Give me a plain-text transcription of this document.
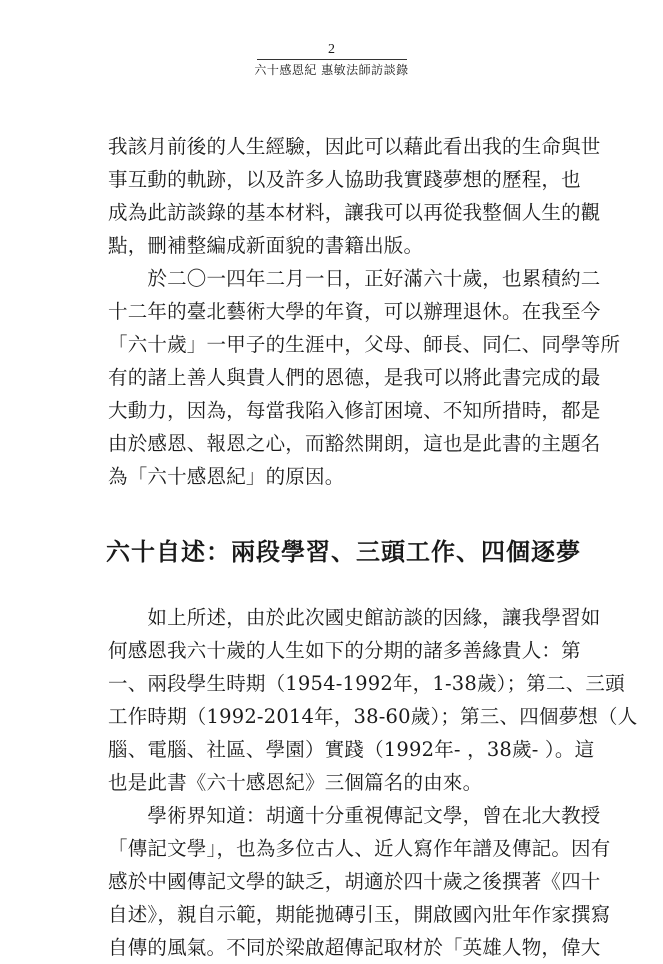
2
六十感恩紀 惠敏法師訪談錄

我該月前後的人生經驗，因此可以藉此看出我的生命與世
事互動的軌跡，以及許多人協助我實踐夢想的歷程，也
成為此訪談錄的基本材料，讓我可以再從我整個人生的觀
點，刪補整編成新面貌的書籍出版。

　　於二〇一四年二月一日，正好滿六十歲，也累積約二
十二年的臺北藝術大學的年資，可以辦理退休。在我至今
「六十歲」一甲子的生涯中，父母、師長、同仁、同學等所
有的諸上善人與貴人們的恩德，是我可以將此書完成的最
大動力，因為，每當我陷入修訂困境、不知所措時，都是
由於感恩、報恩之心，而豁然開朗，這也是此書的主題名
為「六十感恩紀」的原因。

六十自述：兩段學習、三頭工作、四個逐夢

　　如上所述，由於此次國史館訪談的因緣，讓我學習如
何感恩我六十歲的人生如下的分期的諸多善緣貴人：第
一、兩段學生時期（1954-1992年，1-38歲）；第二、三頭
工作時期（1992-2014年，38-60歲）；第三、四個夢想（人
腦、電腦、社區、學園）實踐（1992年- ，38歲- ）。這
也是此書《六十感恩紀》三個篇名的由來。

　　學術界知道：胡適十分重視傳記文學，曾在北大教授
「傳記文學」，也為多位古人、近人寫作年譜及傳記。因有
感於中國傳記文學的缺乏，胡適於四十歲之後撰著《四十
自述》，親自示範，期能拋磚引玉，開啟國內壯年作家撰寫
自傳的風氣。不同於梁啟超傳記取材於「英雄人物，偉大
